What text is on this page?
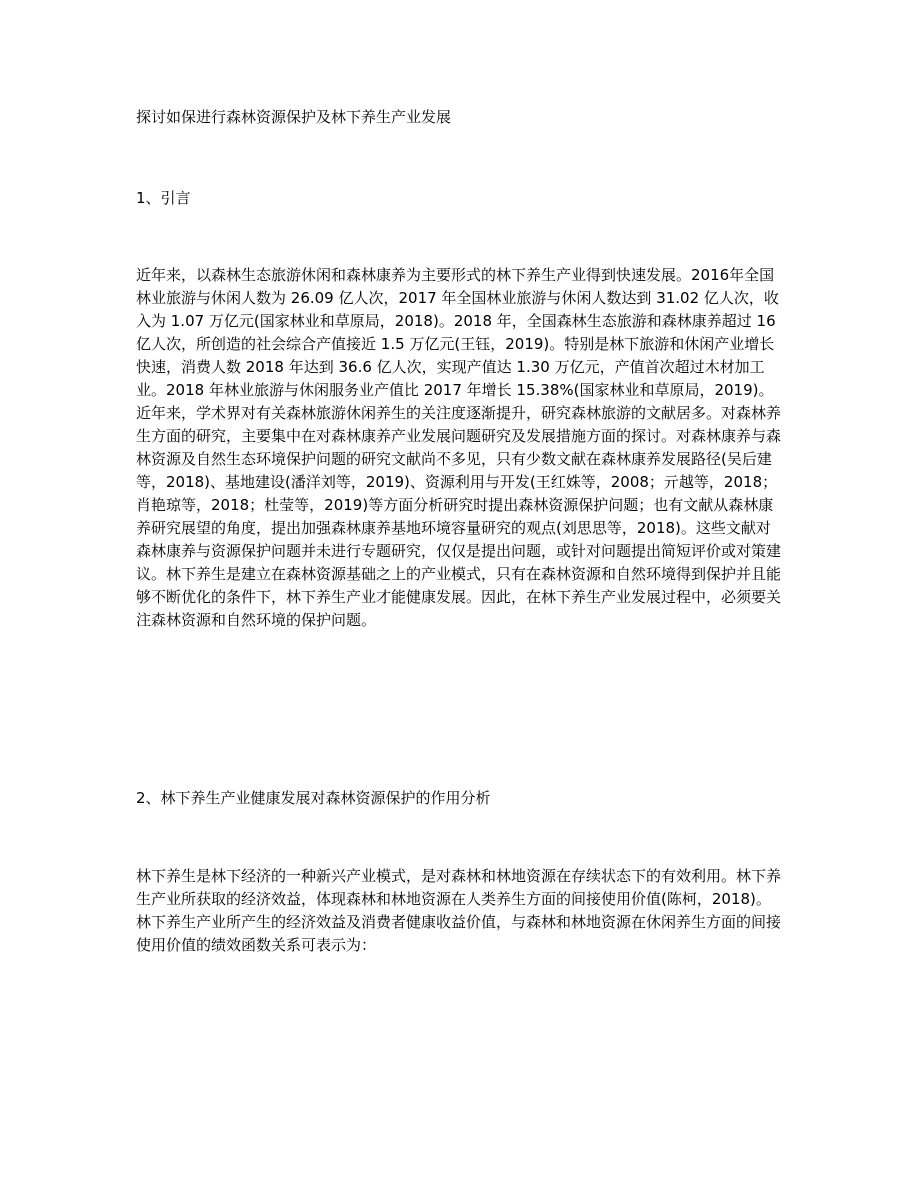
探讨如保进行森林资源保护及林下养生产业发展
1、引言

近年来，以森林生态旅游休闲和森林康养为主要形式的林下养生产业得到快速发展。2016年全国林业旅游与休闲人数为 26.09 亿人次，2017 年全国林业旅游与休闲人数达到 31.02 亿人次，收入为 1.07 万亿元(国家林业和草原局，2018)。2018 年，全国森林生态旅游和森林康养超过 16 亿人次，所创造的社会综合产值接近 1.5 万亿元(王钰，2019)。特别是林下旅游和休闲产业增长快速，消费人数 2018 年达到 36.6 亿人次，实现产值达 1.30 万亿元，产值首次超过木材加工业。2018 年林业旅游与休闲服务业产值比 2017 年增长 15.38%(国家林业和草原局，2019)。近年来，学术界对有关森林旅游休闲养生的关注度逐渐提升，研究森林旅游的文献居多。对森林养生方面的研究，主要集中在对森林康养产业发展问题研究及发展措施方面的探讨。对森林康养与森林资源及自然生态环境保护问题的研究文献尚不多见，只有少数文献在森林康养发展路径(吴后建等，2018)、基地建设(潘洋刘等，2019)、资源利用与开发(王红姝等，2008；亓越等，2018；肖艳琼等，2018；杜莹等，2019)等方面分析研究时提出森林资源保护问题；也有文献从森林康养研究展望的角度，提出加强森林康养基地环境容量研究的观点(刘思思等，2018)。这些文献对森林康养与资源保护问题并未进行专题研究，仅仅是提出问题，或针对问题提出简短评价或对策建议。林下养生是建立在森林资源基础之上的产业模式，只有在森林资源和自然环境得到保护并且能够不断优化的条件下，林下养生产业才能健康发展。因此，在林下养生产业发展过程中，必须要关注森林资源和自然环境的保护问题。

2、林下养生产业健康发展对森林资源保护的作用分析

林下养生是林下经济的一种新兴产业模式，是对森林和林地资源在存续状态下的有效利用。林下养生产业所获取的经济效益，体现森林和林地资源在人类养生方面的间接使用价值(陈柯，2018)。林下养生产业所产生的经济效益及消费者健康收益价值，与森林和林地资源在休闲养生方面的间接使用价值的绩效函数关系可表示为：
